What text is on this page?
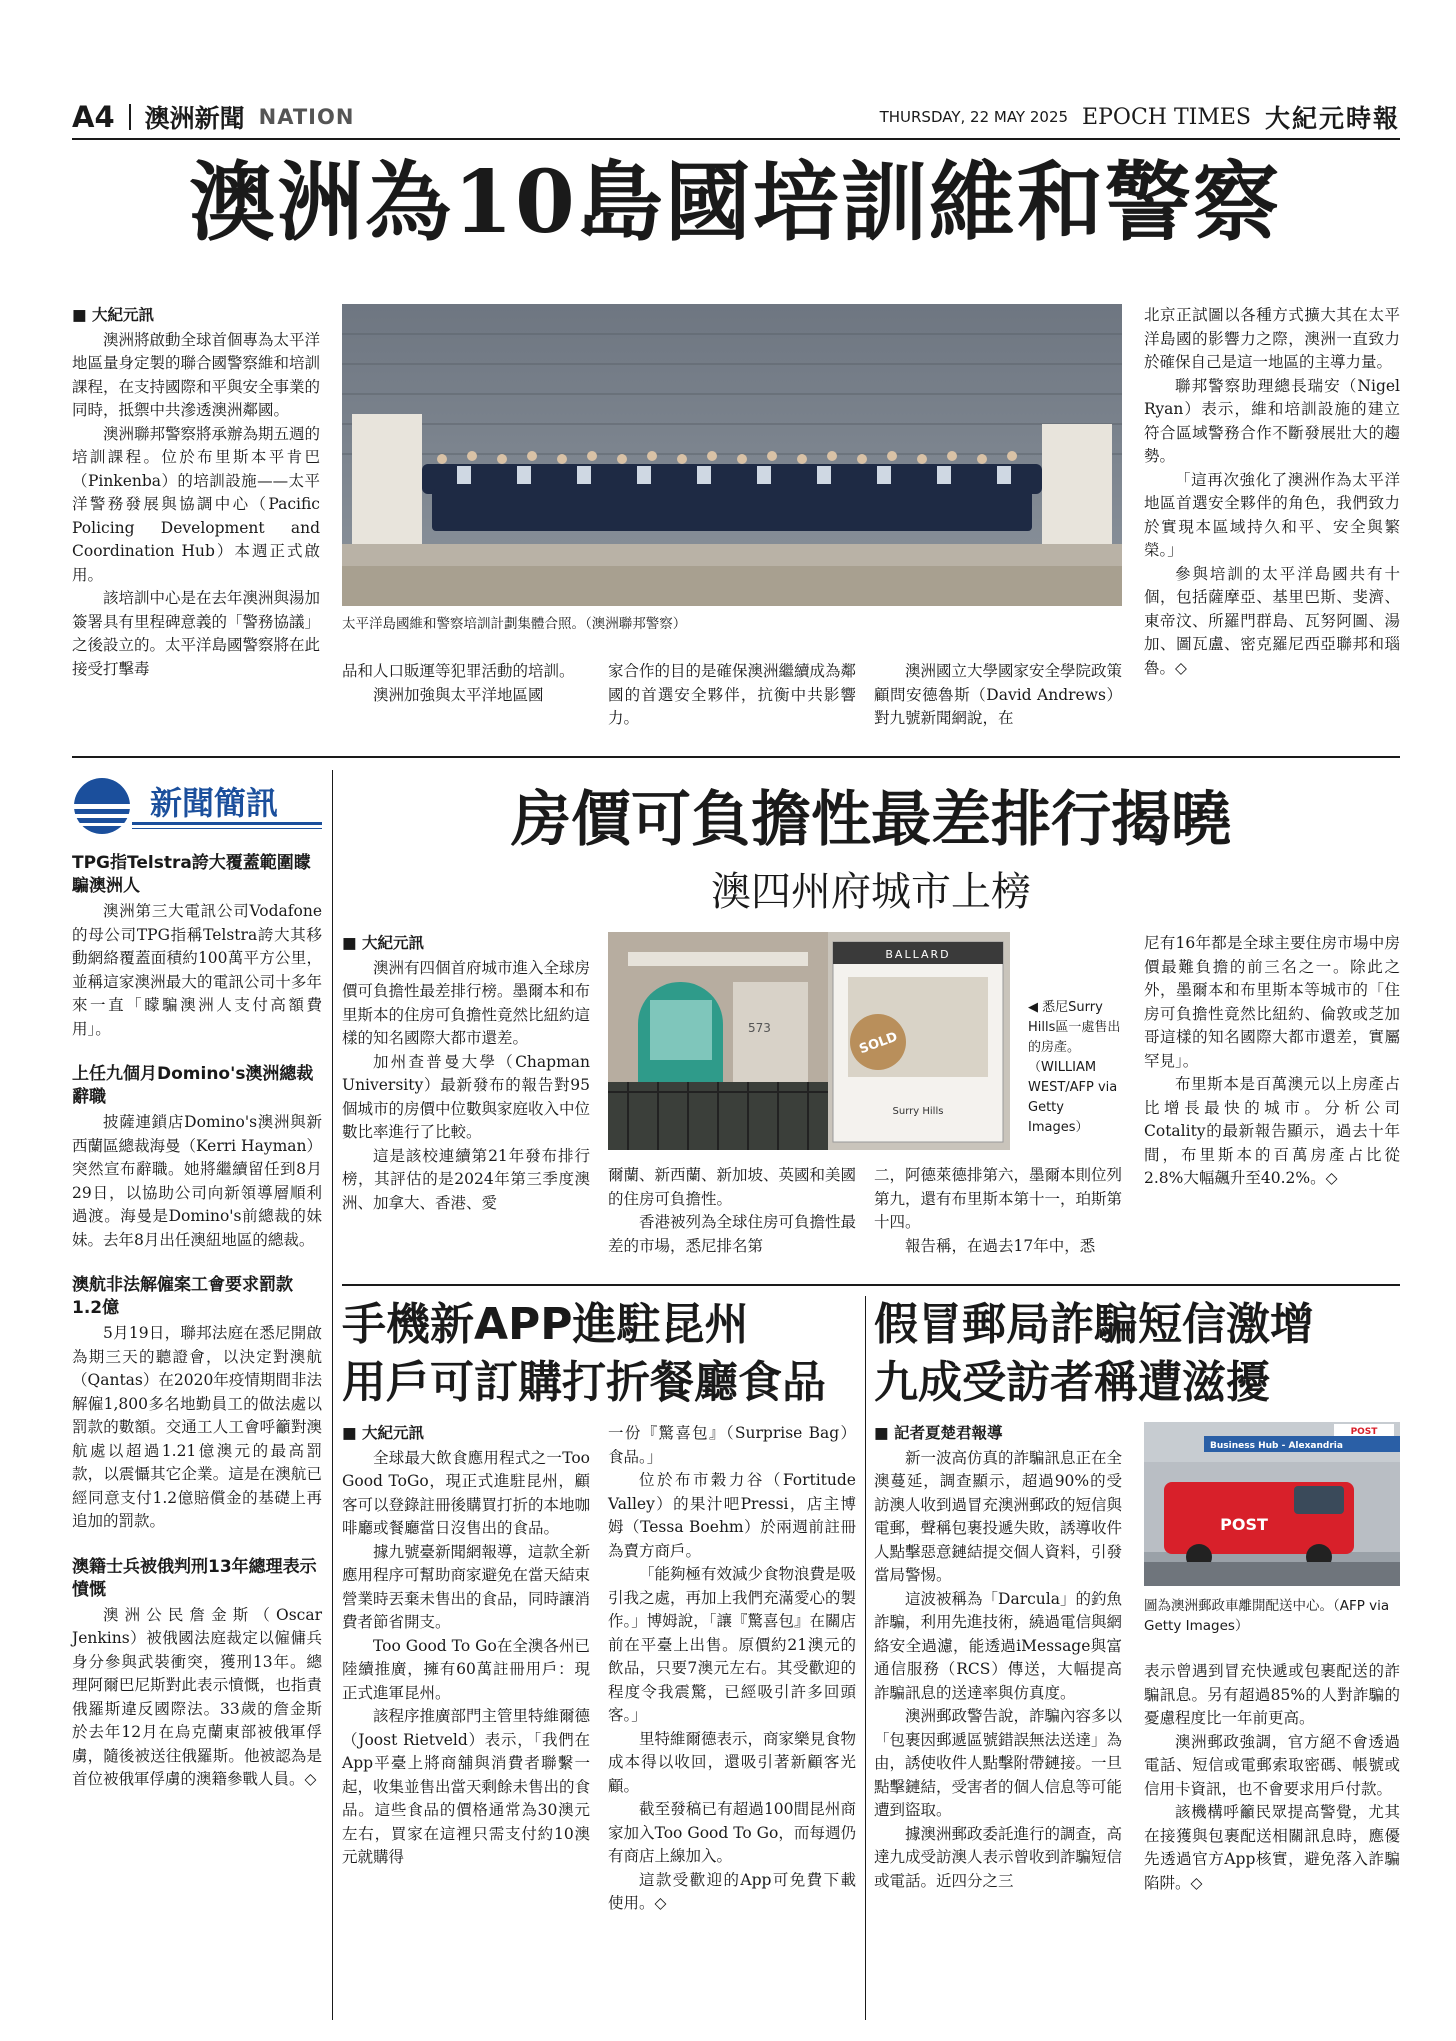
A4 澳洲新聞 NATION	THURSDAY, 22 MAY 2025 EPOCH TIMES 大紀元時報
澳洲為10島國培訓維和警察
■ 大紀元訊

澳洲將啟動全球首個專為太平洋地區量身定製的聯合國警察維和培訓課程，在支持國際和平與安全事業的同時，抵禦中共滲透澳洲鄰國。

澳洲聯邦警察將承辦為期五週的培訓課程。位於布里斯本平肯巴（Pinkenba）的培訓設施——太平洋警務發展與協調中心（Pacific Policing Development and Coordination Hub）本週正式啟用。

該培訓中心是在去年澳洲與湯加簽署具有里程碑意義的「警務協議」之後設立的。太平洋島國警察將在此接受打擊毒

太平洋島國維和警察培訓計劃集體合照。（澳洲聯邦警察）

品和人口販運等犯罪活動的培訓。

澳洲加強與太平洋地區國

家合作的目的是確保澳洲繼續成為鄰國的首選安全夥伴，抗衡中共影響力。

澳洲國立大學國家安全學院政策顧問安德魯斯（David Andrews）對九號新聞網說，在

北京正試圖以各種方式擴大其在太平洋島國的影響力之際，澳洲一直致力於確保自己是這一地區的主導力量。

聯邦警察助理總長瑞安（Nigel Ryan）表示，維和培訓設施的建立符合區域警務合作不斷發展壯大的趨勢。

「這再次強化了澳洲作為太平洋地區首選安全夥伴的角色，我們致力於實現本區域持久和平、安全與繁榮。」

參與培訓的太平洋島國共有十個，包括薩摩亞、基里巴斯、斐濟、東帝汶、所羅門群島、瓦努阿圖、湯加、圖瓦盧、密克羅尼西亞聯邦和瑙魯。◇

新聞簡訊
TPG指Telstra誇大覆蓋範圍矇騙澳洲人

澳洲第三大電訊公司Vodafone的母公司TPG指稱Telstra誇大其移動網絡覆蓋面積約100萬平方公里，並稱這家澳洲最大的電訊公司十多年來一直「矇騙澳洲人支付高額費用」。

上任九個月Domino's澳洲總裁辭職

披薩連鎖店Domino's澳洲與新西蘭區總裁海曼（Kerri Hayman）突然宣布辭職。她將繼續留任到8月29日，以協助公司向新領導層順利過渡。海曼是Domino's前總裁的妹妹。去年8月出任澳紐地區的總裁。

澳航非法解僱案工會要求罰款1.2億

5月19日，聯邦法庭在悉尼開啟為期三天的聽證會，以決定對澳航（Qantas）在2020年疫情期間非法解僱1,800多名地勤員工的做法處以罰款的數額。交通工人工會呼籲對澳航處以超過1.21億澳元的最高罰款，以震懾其它企業。這是在澳航已經同意支付1.2億賠償金的基礎上再追加的罰款。

澳籍士兵被俄判刑13年總理表示憤慨

澳洲公民詹金斯（Oscar Jenkins）被俄國法庭裁定以僱傭兵身分參與武裝衝突，獲刑13年。總理阿爾巴尼斯對此表示憤慨，也指責俄羅斯違反國際法。33歲的詹金斯於去年12月在烏克蘭東部被俄軍俘虜，隨後被送往俄羅斯。他被認為是首位被俄軍俘虜的澳籍參戰人員。◇

房價可負擔性最差排行揭曉
澳四州府城市上榜
■ 大紀元訊

澳洲有四個首府城市進入全球房價可負擔性最差排行榜。墨爾本和布里斯本的住房可負擔性竟然比紐約這樣的知名國際大都市還差。

加州查普曼大學（Chapman University）最新發布的報告對95個城市的房價中位數與家庭收入中位數比率進行了比較。

這是該校連續第21年發布排行榜，其評估的是2024年第三季度澳洲、加拿大、香港、愛

573
BALLARD
SOLD
Surry Hills
◀ 悉尼Surry Hills區一處售出的房產。（WILLIAM WEST/AFP via Getty Images）

爾蘭、新西蘭、新加坡、英國和美國的住房可負擔性。

香港被列為全球住房可負擔性最差的市場，悉尼排名第

二，阿德萊德排第六，墨爾本則位列第九，還有布里斯本第十一，珀斯第十四。

報告稱，在過去17年中，悉

尼有16年都是全球主要住房市場中房價最難負擔的前三名之一。除此之外，墨爾本和布里斯本等城市的「住房可負擔性竟然比紐約、倫敦或芝加哥這樣的知名國際大都市還差，實屬罕見」。

布里斯本是百萬澳元以上房產占比增長最快的城市。分析公司Cotality的最新報告顯示，過去十年間，布里斯本的百萬房產占比從2.8%大幅飆升至40.2%。◇

手機新APP進駐昆州
用戶可訂購打折餐廳食品
■ 大紀元訊

全球最大飲食應用程式之一Too Good ToGo，現正式進駐昆州，顧客可以登錄註冊後購買打折的本地咖啡廳或餐廳當日沒售出的食品。

據九號臺新聞網報導，這款全新應用程序可幫助商家避免在當天結束營業時丟棄未售出的食品，同時讓消費者節省開支。

Too Good To Go在全澳各州已陸續推廣，擁有60萬註冊用戶：現正式進軍昆州。

該程序推廣部門主管里特維爾德（Joost Rietveld）表示，「我們在App平臺上將商舖與消費者聯繫一起，收集並售出當天剩餘未售出的食品。這些食品的價格通常為30澳元左右，買家在這裡只需支付約10澳元就購得

一份『驚喜包』（Surprise Bag）食品。」

位於布市穀力谷（Fortitude Valley）的果汁吧Pressi，店主博姆（Tessa Boehm）於兩週前註冊為賣方商戶。

「能夠極有效減少食物浪費是吸引我之處，再加上我們充滿愛心的製作。」博姆說，「讓『驚喜包』在關店前在平臺上出售。原價約21澳元的飲品，只要7澳元左右。其受歡迎的程度令我震驚，已經吸引許多回頭客。」

里特維爾德表示，商家樂見食物成本得以收回，還吸引著新顧客光顧。

截至發稿已有超過100間昆州商家加入Too Good To Go，而每週仍有商店上線加入。

這款受歡迎的App可免費下載使用。◇

假冒郵局詐騙短信激增
九成受訪者稱遭滋擾
■ 記者夏楚君報導

新一波高仿真的詐騙訊息正在全澳蔓延，調查顯示，超過90%的受訪澳人收到過冒充澳洲郵政的短信與電郵，聲稱包裹投遞失敗，誘導收件人點擊惡意鏈結提交個人資料，引發當局警惕。

這波被稱為「Darcula」的釣魚詐騙，利用先進技術，繞過電信與網絡安全過濾，能透過iMessage與富通信服務（RCS）傳送，大幅提高詐騙訊息的送達率與仿真度。

澳洲郵政警告說，詐騙內容多以「包裹因郵遞區號錯誤無法送達」為由，誘使收件人點擊附帶鏈接。一旦點擊鏈結，受害者的個人信息等可能遭到盜取。

據澳洲郵政委託進行的調查，高達九成受訪澳人表示曾收到詐騙短信或電話。近四分之三

Business Hub - Alexandria
POST
POST
圖為澳洲郵政車離開配送中心。（AFP via Getty Images）

表示曾遇到冒充快遞或包裹配送的詐騙訊息。另有超過85%的人對詐騙的憂慮程度比一年前更高。

澳洲郵政強調，官方絕不會透過電話、短信或電郵索取密碼、帳號或信用卡資訊，也不會要求用戶付款。

該機構呼籲民眾提高警覺，尤其在接獲與包裹配送相關訊息時，應優先透過官方App核實，避免落入詐騙陷阱。◇
